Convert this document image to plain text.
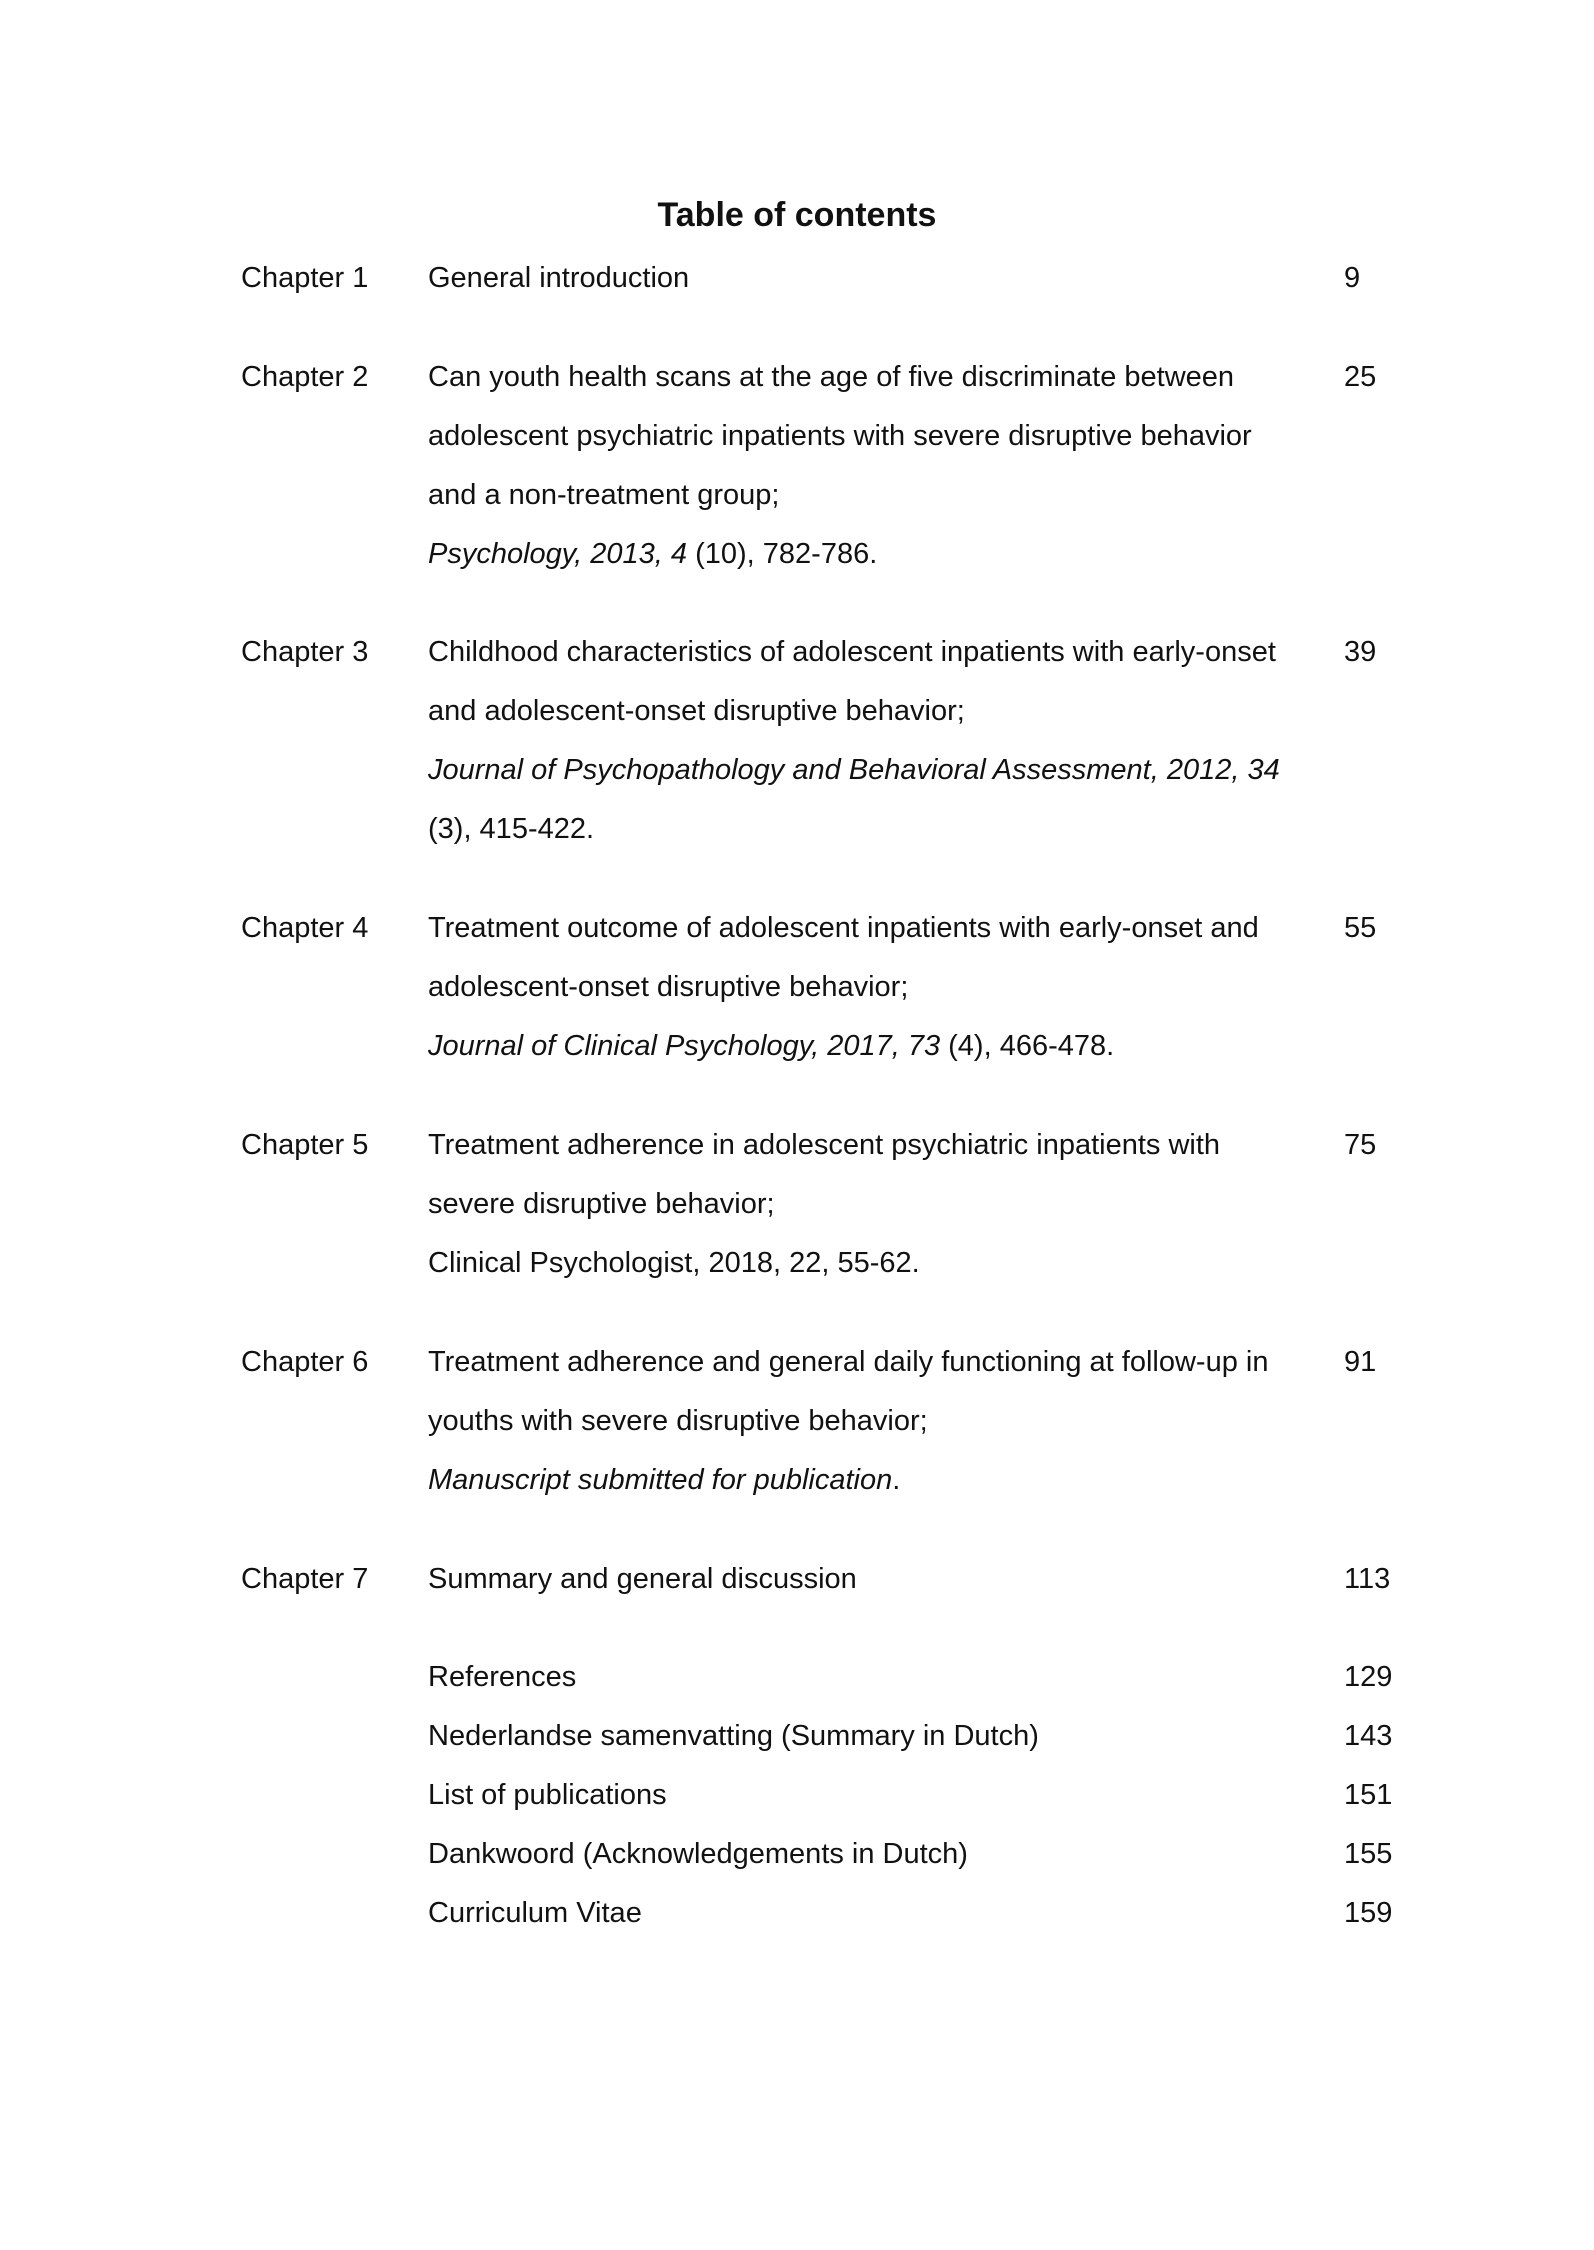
Table of contents
Chapter 1 General introduction	9
Chapter 2 Can youth health scans at the age of five discriminate between
adolescent psychiatric inpatients with severe disruptive behavior
and a non-treatment group;
Psychology, 2013, 4 (10), 782-786.
25
Chapter 3 Childhood characteristics of adolescent inpatients with early-onset
and adolescent-onset disruptive behavior;
Journal of Psychopathology and Behavioral Assessment, 2012, 34
(3), 415-422.
39
Chapter 4 Treatment outcome of adolescent inpatients with early-onset and
adolescent-onset disruptive behavior;
Journal of Clinical Psychology, 2017, 73 (4), 466-478.
55
Chapter 5 Treatment adherence in adolescent psychiatric inpatients with
severe disruptive behavior;
Clinical Psychologist, 2018, 22, 55-62.
75
Chapter 6 Treatment adherence and general daily functioning at follow-up in
youths with severe disruptive behavior;
Manuscript submitted for publication.
91
Chapter 7 Summary and general discussion	113
References	129
Nederlandse samenvatting (Summary in Dutch)	143
List of publications	151
Dankwoord (Acknowledgements in Dutch)	155
Curriculum Vitae	159
